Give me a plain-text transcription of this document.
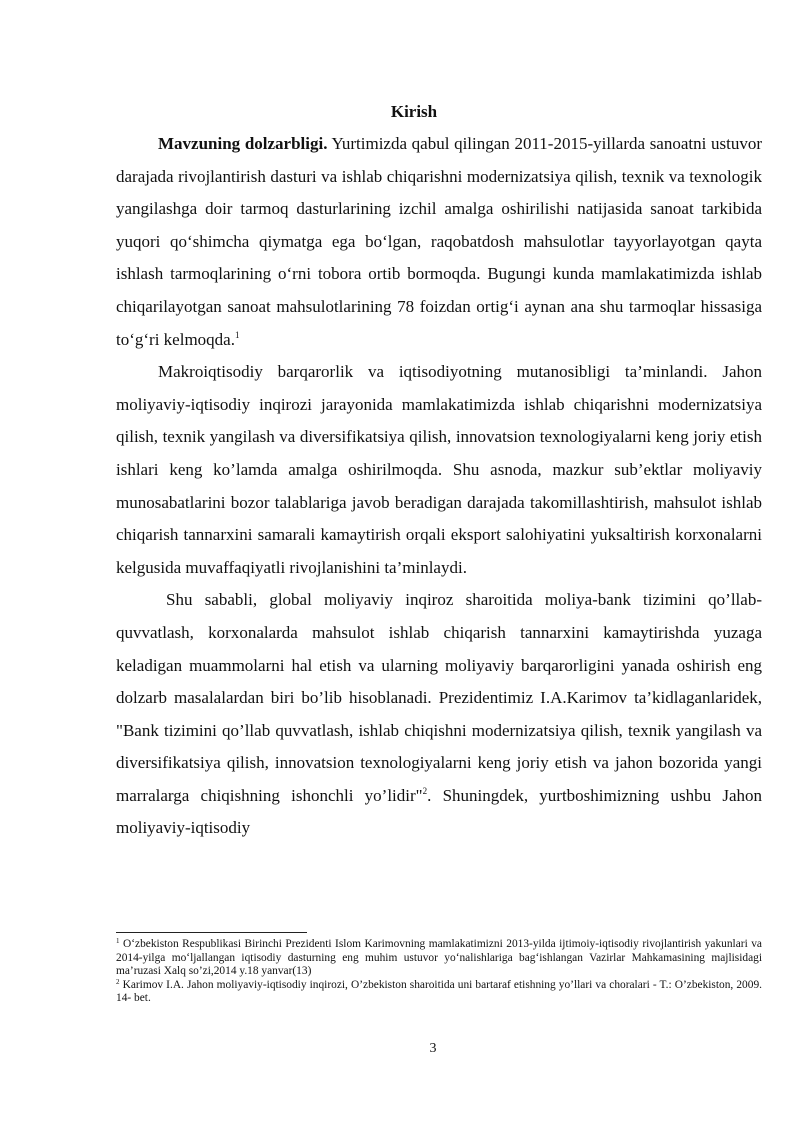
Kirish

Mavzuning dolzarbligi. Yurtimizda qabul qilingan 2011-2015-yillarda sanoatni ustuvor darajada rivojlantirish dasturi va ishlab chiqarishni modernizatsiya qilish, texnik va texnologik yangilashga doir tarmoq dasturlarining izchil amalga oshirilishi natijasida sanoat tarkibida yuqori qo‘shimcha qiymatga ega bo‘lgan, raqobatdosh mahsulotlar tayyorlayotgan qayta ishlash tarmoqlarining o‘rni tobora ortib bormoqda. Bugungi kunda mamlakatimizda ishlab chiqarilayotgan sanoat mahsulotlarining 78 foizdan ortig‘i aynan ana shu tarmoqlar hissasiga to‘g‘ri kelmoqda.$^1$

Makroiqtisodiy barqarorlik va iqtisodiyotning mutanosibligi ta’minlandi. Jahon moliyaviy-iqtisodiy inqirozi jarayonida mamlakatimizda ishlab chiqarishni modernizatsiya qilish, texnik yangilash va diversifikatsiya qilish, innovatsion texnologiyalarni keng joriy etish ishlari keng ko’lamda amalga oshirilmoqda. Shu asnoda, mazkur sub’ektlar moliyaviy munosabatlarini bozor talablariga javob beradigan darajada takomillashtirish, mahsulot ishlab chiqarish tannarxini samarali kamaytirish orqali eksport salohiyatini yuksaltirish korxonalarni kelgusida muvaffaqiyatli rivojlanishini ta’minlaydi.

Shu sababli, global moliyaviy inqiroz sharoitida moliya-bank tizimini qo’llab-quvvatlash, korxonalarda mahsulot ishlab chiqarish tannarxini kamaytirishda yuzaga keladigan muammolarni hal etish va ularning moliyaviy barqarorligini yanada oshirish eng dolzarb masalalardan biri bo’lib hisoblanadi. Prezidentimiz I.A.Karimov ta’kidlaganlaridek, "Bank tizimini qo’llab quvvatlash, ishlab chiqishni modernizatsiya qilish, texnik yangilash va diversifikatsiya qilish, innovatsion texnologiyalarni keng joriy etish va jahon bozorida yangi marralarga chiqishning ishonchli yo’lidir"$^2$. Shuningdek, yurtboshimizning ushbu Jahon moliyaviy-iqtisodiy

$^1$ O‘zbekiston Respublikasi Birinchi Prezidenti Islom Karimovning mamlakatimizni 2013-yilda ijtimoiy-iqtisodiy rivojlantirish yakunlari va 2014-yilga mo‘ljallangan iqtisodiy dasturning eng muhim ustuvor yo‘nalishlariga bag‘ishlangan Vazirlar Mahkamasining majlisidagi ma’ruzasi Xalq so’zi,2014 y.18 yanvar(13)

$^2$ Karimov I.A. Jahon moliyaviy-iqtisodiy inqirozi, O’zbekiston sharoitida uni bartaraf etishning yo’llari va choralari - T.: O’zbekiston, 2009. 14- bet.

3
